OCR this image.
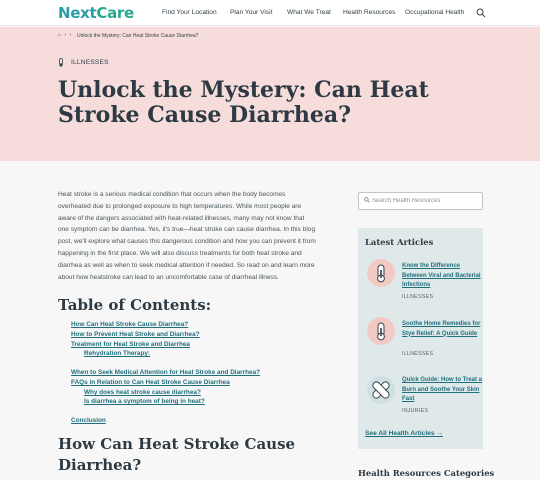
NextCare	Find Your Location Plan Your Visit What We Treat Health Resources Occupational Health
⌂ › › Unlock the Mystery: Can Heat Stroke Cause Diarrhea?
ILLNESSES
Unlock the Mystery: Can Heat Stroke Cause Diarrhea?

Heat stroke is a serious medical condition that occurs when the body becomes overheated due to prolonged exposure to high temperatures. While most people are aware of the dangers associated with heat-related illnesses, many may not know that one symptom can be diarrhea. Yes, it's true—heat stroke can cause diarrhea. In this blog post, we'll explore what causes this dangerous condition and how you can prevent it from happening in the first place. We will also discuss treatments for both heat stroke and diarrhea as well as when to seek medical attention if needed. So read on and learn more about how heatstroke can lead to an uncomfortable case of diarrheal illness.

Table of Contents:
How Can Heat Stroke Cause Diarrhea?
How to Prevent Heat Stroke and Diarrhea?
Treatment for Heat Stroke and Diarrhea
Rehydration Therapy:
When to Seek Medical Attention for Heat Stroke and Diarrhea?
FAQs in Relation to Can Heat Stroke Cause Diarrhea
Why does heat stroke cause diarrhea?
Is diarrhea a symptom of being in heat?
Conclusion
How Can Heat Stroke Cause Diarrhea?
Search Health Resources
Latest Articles
Know the Difference Between Viral and Bacterial Infections
ILLNESSES
Soothe Home Remedies for Stye Relief: A Quick Guide
ILLNESSES
Quick Guide: How to Treat a Burn and Soothe Your Skin Fast
INJURIES
See All Health Articles →
Health Resources Categories
